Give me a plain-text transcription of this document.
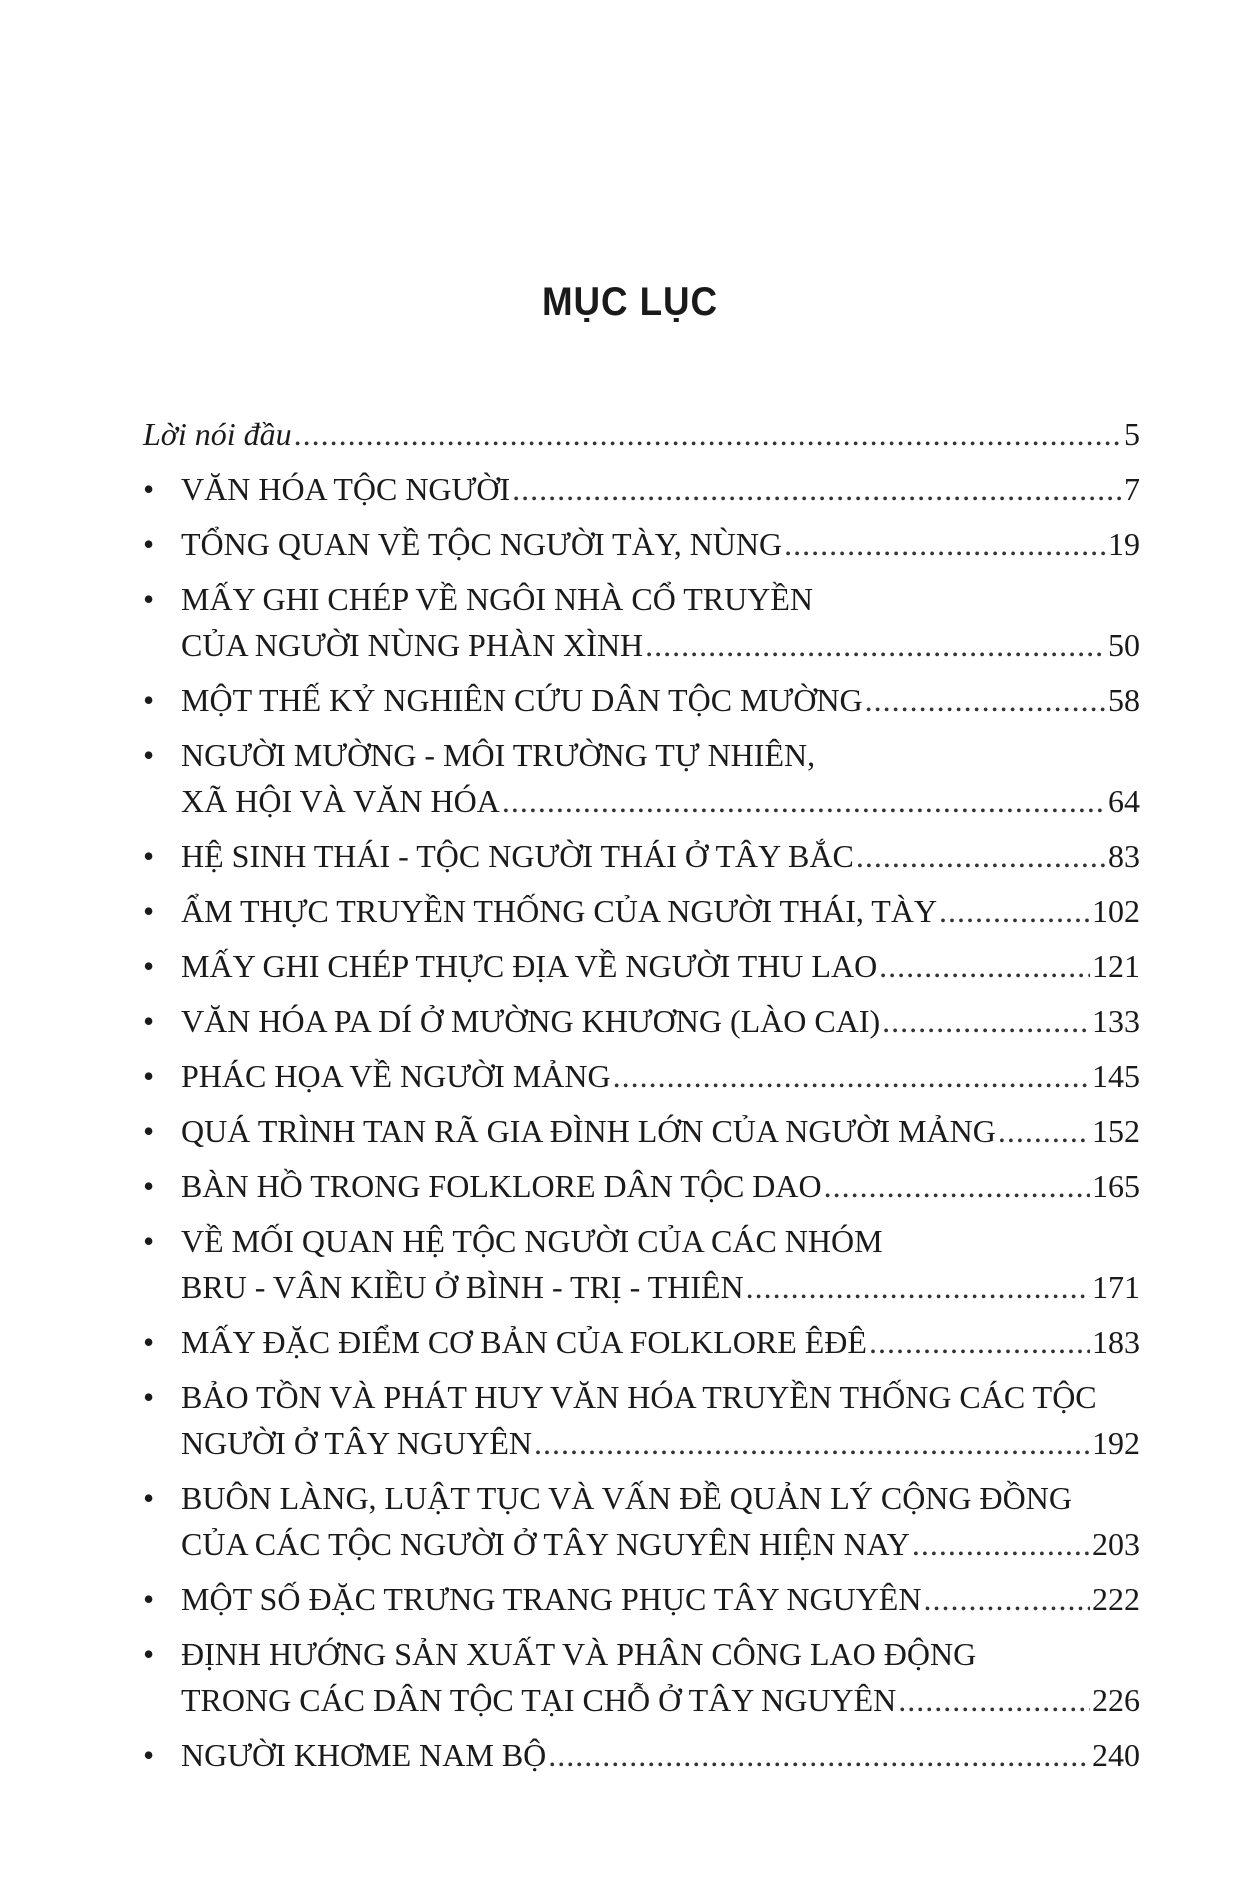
MỤC LỤC
Lời nói đầu .....	5
• VĂN HÓA TỘC NGƯỜI .....	7
• TỔNG QUAN VỀ TỘC NGƯỜI TÀY, NÙNG .....	19
• MẤY GHI CHÉP VỀ NGÔI NHÀ CỔ TRUYỀN
CỦA NGƯỜI NÙNG PHÀN XÌNH .....	50
• MỘT THẾ KỶ NGHIÊN CỨU DÂN TỘC MƯỜNG .....	58
• NGƯỜI MƯỜNG - MÔI TRƯỜNG TỰ NHIÊN,
XÃ HỘI VÀ VĂN HÓA .....	64
• HỆ SINH THÁI - TỘC NGƯỜI THÁI Ở TÂY BẮC .....	83
• ẨM THỰC TRUYỀN THỐNG CỦA NGƯỜI THÁI, TÀY .....	102
• MẤY GHI CHÉP THỰC ĐỊA VỀ NGƯỜI THU LAO .....	121
• VĂN HÓA PA DÍ Ở MƯỜNG KHƯƠNG (LÀO CAI) .....	133
• PHÁC HỌA VỀ NGƯỜI MẢNG .....	145
• QUÁ TRÌNH TAN RÃ GIA ĐÌNH LỚN CỦA NGƯỜI MẢNG .....	152
• BÀN HỒ TRONG FOLKLORE DÂN TỘC DAO .....	165
• VỀ MỐI QUAN HỆ TỘC NGƯỜI CỦA CÁC NHÓM
BRU - VÂN KIỀU Ở BÌNH - TRỊ - THIÊN .....	171
• MẤY ĐẶC ĐIỂM CƠ BẢN CỦA FOLKLORE ÊĐÊ .....	183
• BẢO TỒN VÀ PHÁT HUY VĂN HÓA TRUYỀN THỐNG CÁC TỘC
NGƯỜI Ở TÂY NGUYÊN .....	192
• BUÔN LÀNG, LUẬT TỤC VÀ VẤN ĐỀ QUẢN LÝ CỘNG ĐỒNG
CỦA CÁC TỘC NGƯỜI Ở TÂY NGUYÊN HIỆN NAY .....	203
• MỘT SỐ ĐẶC TRƯNG TRANG PHỤC TÂY NGUYÊN .....	222
• ĐỊNH HƯỚNG SẢN XUẤT VÀ PHÂN CÔNG LAO ĐỘNG
TRONG CÁC DÂN TỘC TẠI CHỖ Ở TÂY NGUYÊN .....	226
• NGƯỜI KHƠME NAM BỘ .....	240
